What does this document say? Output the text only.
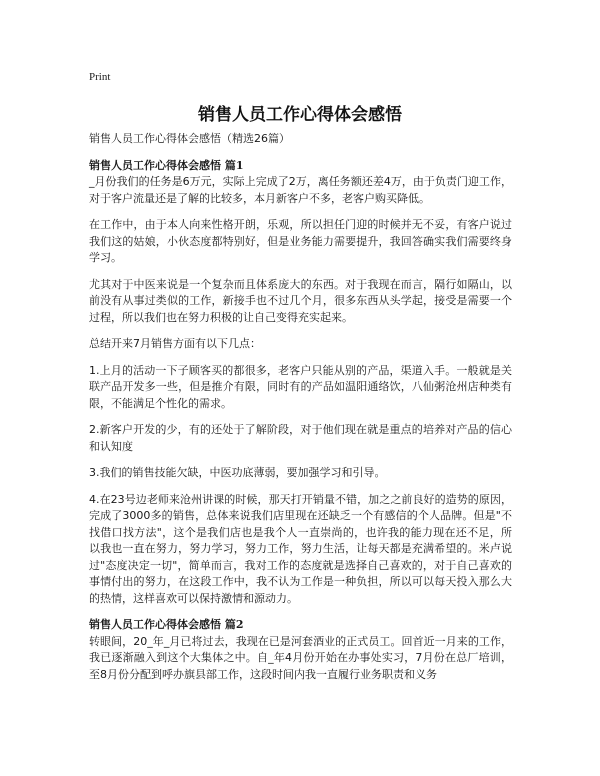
Print
销售人员工作心得体会感悟

销售人员工作心得体会感悟（精选26篇）

销售人员工作心得体会感悟 篇1

_月份我们的任务是6万元，实际上完成了2万，离任务额还差4万，由于负责门迎工作，对于客户流量还是了解的比较多，本月新客户不多，老客户购买降低。

在工作中，由于本人向来性格开朗，乐观，所以担任门迎的时候并无不妥，有客户说过我们这的姑娘，小伙态度都特别好，但是业务能力需要提升，我回答确实我们需要终身学习。

尤其对于中医来说是一个复杂而且体系庞大的东西。对于我现在而言，隔行如隔山，以前没有从事过类似的工作，新接手也不过几个月，很多东西从头学起，接受是需要一个过程，所以我们也在努力积极的让自己变得充实起来。

总结开来7月销售方面有以下几点：

1.上月的活动一下子顾客买的都很多，老客户只能从别的产品，渠道入手。一般就是关联产品开发多一些，但是推介有限，同时有的产品如温阳通络饮，八仙粥沧州店种类有限，不能满足个性化的需求。

2.新客户开发的少，有的还处于了解阶段，对于他们现在就是重点的培养对产品的信心和认知度

3.我们的销售技能欠缺，中医功底薄弱，要加强学习和引导。

4.在23号边老师来沧州讲课的时候，那天打开销量不错，加之之前良好的造势的原因，完成了3000多的销售，总体来说我们店里现在还缺乏一个有感信的个人品牌。但是"不找借口找方法"，这个是我们店也是我个人一直崇尚的，也许我的能力现在还不足，所以我也一直在努力，努力学习，努力工作，努力生活，让每天都是充满希望的。米卢说过"态度决定一切"，简单而言，我对工作的态度就是选择自己喜欢的，对于自己喜欢的事情付出的努力，在这段工作中，我不认为工作是一种负担，所以可以每天投入那么大的热情，这样喜欢可以保持激情和源动力。

销售人员工作心得体会感悟 篇2

转眼间，20_年_月已将过去，我现在已是河套酒业的正式员工。回首近一月来的工作，我已逐渐融入到这个大集体之中。自_年4月份开始在办事处实习，7月份在总厂培训，至8月份分配到呼办旗县部工作，这段时间内我一直履行业务职责和义务
